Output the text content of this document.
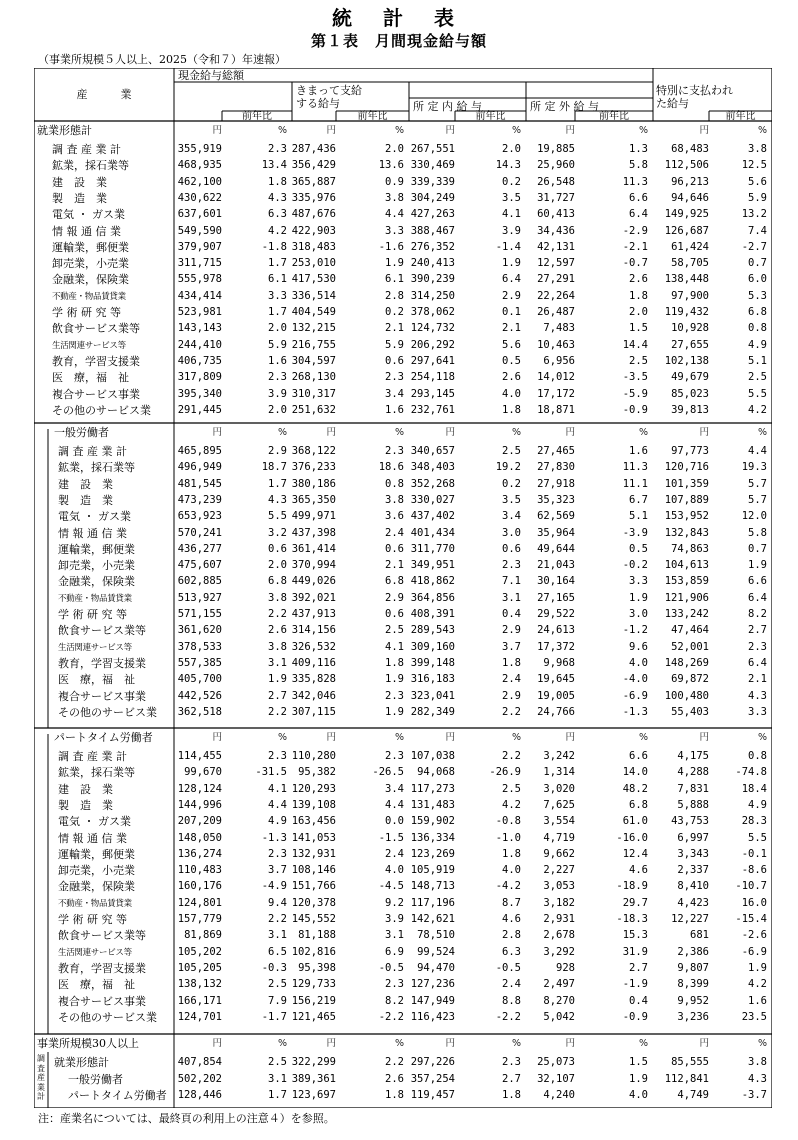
統 計 表
第１表　月間現金給与額
（事業所規模５人以上、2025（令和７）年速報）
産　　　業
現金給与総額
きまって支給
する給与	所 定 内 給 与	所 定 外 給 与
特別に支払われ
た給与
前年比	前年比	前年比	前年比	前年比
就業形態計	円	%	円	%	円	%	円	%	円	%
調 査 産 業 計	355,919	2.3 287,436	2.0 267,551	2.0	19,885	1.3	68,483	3.8
鉱業，採石業等	468,935	13.4 356,429	13.6 330,469	14.3	25,960	5.8	112,506	12.5
建　設　業	462,100	1.8 365,887	0.9 339,339	0.2	26,548	11.3	96,213	5.6
製　造　業	430,622	4.3 335,976	3.8 304,249	3.5	31,727	6.6	94,646	5.9
電気 ・ ガス業	637,601	6.3 487,676	4.4 427,263	4.1	60,413	6.4	149,925	13.2
情 報 通 信 業	549,590	4.2 422,903	3.3 388,467	3.9	34,436	-2.9	126,687	7.4
運輸業，郵便業	379,907	-1.8 318,483	-1.6 276,352	-1.4	42,131	-2.1	61,424	-2.7
卸売業，小売業	311,715	1.7 253,010	1.9 240,413	1.9	12,597	-0.7	58,705	0.7
金融業，保険業	555,978	6.1 417,530	6.1 390,239	6.4	27,291	2.6	138,448	6.0
不動産・物品賃貸業	434,414	3.3 336,514	2.8 314,250	2.9	22,264	1.8	97,900	5.3
学 術 研 究 等	523,981	1.7 404,549	0.2 378,062	0.1	26,487	2.0	119,432	6.8
飲食サービス業等	143,143	2.0 132,215	2.1 124,732	2.1	7,483	1.5	10,928	0.8
生活関連サービス等	244,410	5.9 216,755	5.9 206,292	5.6	10,463	14.4	27,655	4.9
教育，学習支援業	406,735	1.6 304,597	0.6 297,641	0.5	6,956	2.5	102,138	5.1
医　療，福　祉	317,809	2.3 268,130	2.3 254,118	2.6	14,012	-3.5	49,679	2.5
複合サービス事業	395,340	3.9 310,317	3.4 293,145	4.0	17,172	-5.9	85,023	5.5
その他のサービス業	291,445	2.0 251,632	1.6 232,761	1.8	18,871	-0.9	39,813	4.2
一般労働者	円	%	円	%	円	%	円	%	円	%
調 査 産 業 計	465,895	2.9 368,122	2.3 340,657	2.5	27,465	1.6	97,773	4.4
鉱業，採石業等	496,949	18.7 376,233	18.6 348,403	19.2	27,830	11.3	120,716	19.3
建　設　業	481,545	1.7 380,186	0.8 352,268	0.2	27,918	11.1	101,359	5.7
製　造　業	473,239	4.3 365,350	3.8 330,027	3.5	35,323	6.7	107,889	5.7
電気 ・ ガス業	653,923	5.5 499,971	3.6 437,402	3.4	62,569	5.1	153,952	12.0
情 報 通 信 業	570,241	3.2 437,398	2.4 401,434	3.0	35,964	-3.9	132,843	5.8
運輸業，郵便業	436,277	0.6 361,414	0.6 311,770	0.6	49,644	0.5	74,863	0.7
卸売業，小売業	475,607	2.0 370,994	2.1 349,951	2.3	21,043	-0.2	104,613	1.9
金融業，保険業	602,885	6.8 449,026	6.8 418,862	7.1	30,164	3.3	153,859	6.6
不動産・物品賃貸業	513,927	3.8 392,021	2.9 364,856	3.1	27,165	1.9	121,906	6.4
学 術 研 究 等	571,155	2.2 437,913	0.6 408,391	0.4	29,522	3.0	133,242	8.2
飲食サービス業等	361,620	2.6 314,156	2.5 289,543	2.9	24,613	-1.2	47,464	2.7
生活関連サービス等	378,533	3.8 326,532	4.1 309,160	3.7	17,372	9.6	52,001	2.3
教育，学習支援業	557,385	3.1 409,116	1.8 399,148	1.8	9,968	4.0	148,269	6.4
医　療，福　祉	405,700	1.9 335,828	1.9 316,183	2.4	19,645	-4.0	69,872	2.1
複合サービス事業	442,526	2.7 342,046	2.3 323,041	2.9	19,005	-6.9	100,480	4.3
その他のサービス業	362,518	2.2 307,115	1.9 282,349	2.2	24,766	-1.3	55,403	3.3
パートタイム労働者	円	%	円	%	円	%	円	%	円	%
調 査 産 業 計	114,455	2.3 110,280	2.3 107,038	2.2	3,242	6.6	4,175	0.8
鉱業，採石業等	99,670	-31.5	95,382	-26.5	94,068	-26.9	1,314	14.0	4,288	-74.8
建　設　業	128,124	4.1 120,293	3.4 117,273	2.5	3,020	48.2	7,831	18.4
製　造　業	144,996	4.4 139,108	4.4 131,483	4.2	7,625	6.8	5,888	4.9
電気 ・ ガス業	207,209	4.9 163,456	0.0 159,902	-0.8	3,554	61.0	43,753	28.3
情 報 通 信 業	148,050	-1.3 141,053	-1.5 136,334	-1.0	4,719	-16.0	6,997	5.5
運輸業，郵便業	136,274	2.3 132,931	2.4 123,269	1.8	9,662	12.4	3,343	-0.1
卸売業，小売業	110,483	3.7 108,146	4.0 105,919	4.0	2,227	4.6	2,337	-8.6
金融業，保険業	160,176	-4.9 151,766	-4.5 148,713	-4.2	3,053	-18.9	8,410	-10.7
不動産・物品賃貸業	124,801	9.4 120,378	9.2 117,196	8.7	3,182	29.7	4,423	16.0
学 術 研 究 等	157,779	2.2 145,552	3.9 142,621	4.6	2,931	-18.3	12,227	-15.4
飲食サービス業等	81,869	3.1	81,188	3.1	78,510	2.8	2,678	15.3	681	-2.6
生活関連サービス等	105,202	6.5 102,816	6.9	99,524	6.3	3,292	31.9	2,386	-6.9
教育，学習支援業	105,205	-0.3	95,398	-0.5	94,470	-0.5	928	2.7	9,807	1.9
医　療，福　祉	138,132	2.5 129,733	2.3 127,236	2.4	2,497	-1.9	8,399	4.2
複合サービス事業	166,171	7.9 156,219	8.2 147,949	8.8	8,270	0.4	9,952	1.6
その他のサービス業	124,701	-1.7 121,465	-2.2 116,423	-2.2	5,042	-0.9	3,236	23.5
事業所規模30人以上	円	%	円	%	円	%	円	%	円	%
調査産業計
就業形態計	407,854	2.5 322,299	2.2 297,226	2.3	25,073	1.5	85,555	3.8
一般労働者	502,202	3.1 389,361	2.6 357,254	2.7	32,107	1.9	112,841	4.3
パートタイム労働者	128,446	1.7 123,697	1.8 119,457	1.8	4,240	4.0	4,749	-3.7
注：産業名については、最終頁の利用上の注意４）を参照。
